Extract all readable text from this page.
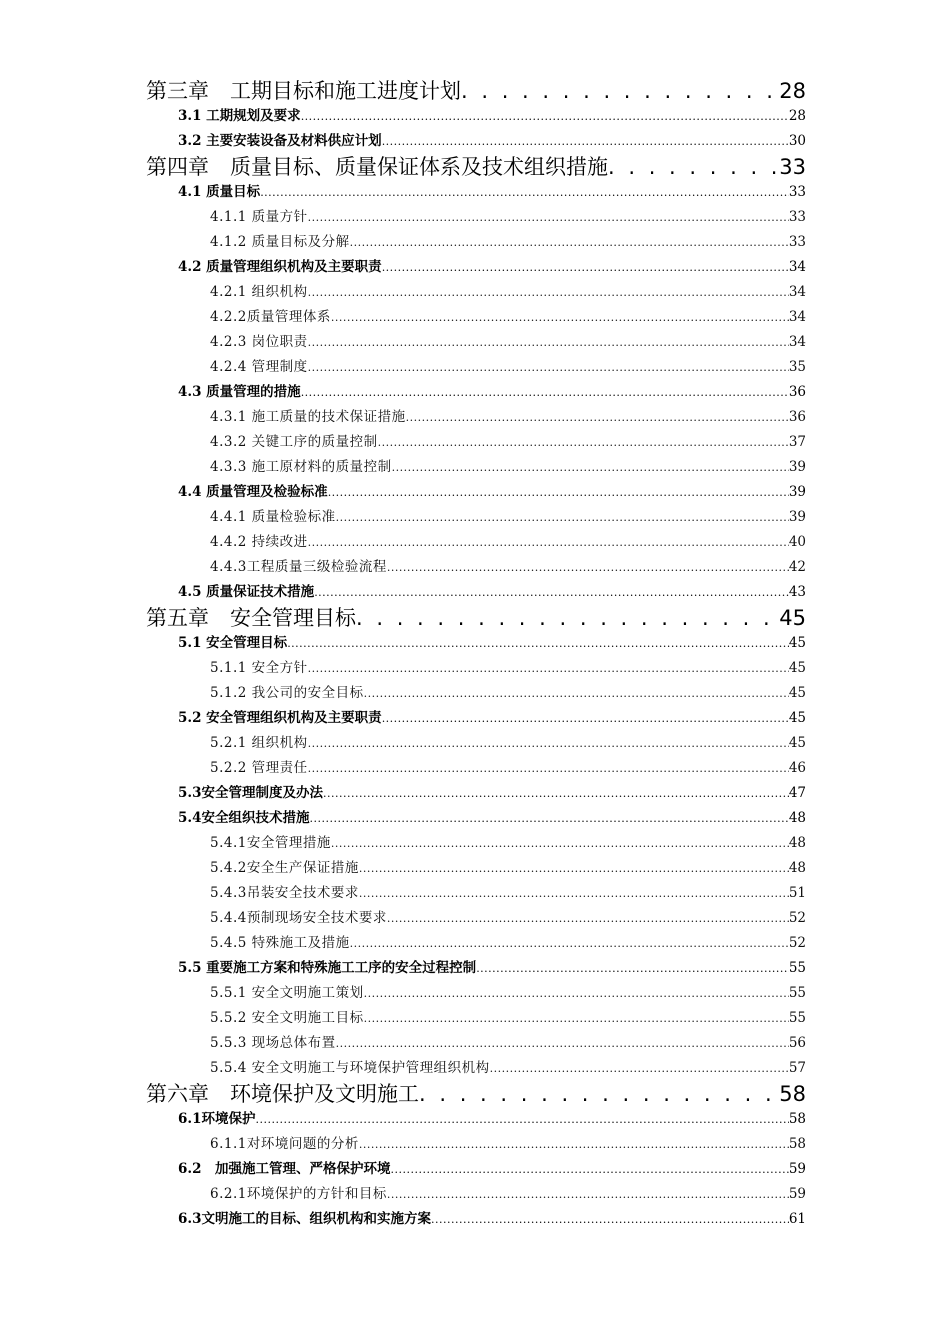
第三章　工期目标和施工进度计划 . . .	28
3.1 工期规划及要求 .....	28
3.2 主要安装设备及材料供应计划 .....	30
第四章　质量目标、质量保证体系及技术组织措施 . . .	33
4.1 质量目标 .....	33
4.1.1 质量方针 .....	33
4.1.2 质量目标及分解 .....	33
4.2 质量管理组织机构及主要职责 .....	34
4.2.1 组织机构 .....	34
4.2.2质量管理体系 .....	34
4.2.3 岗位职责 .....	34
4.2.4 管理制度 .....	35
4.3 质量管理的措施 .....	36
4.3.1 施工质量的技术保证措施 .....	36
4.3.2 关键工序的质量控制 .....	37
4.3.3 施工原材料的质量控制 .....	39
4.4 质量管理及检验标准 .....	39
4.4.1 质量检验标准 .....	39
4.4.2 持续改进 .....	40
4.4.3工程质量三级检验流程 .....	42
4.5 质量保证技术措施 .....	43
第五章　安全管理目标 . . .	45
5.1 安全管理目标 .....	45
5.1.1 安全方针 .....	45
5.1.2 我公司的安全目标 .....	45
5.2 安全管理组织机构及主要职责 .....	45
5.2.1 组织机构 .....	45
5.2.2 管理责任 .....	46
5.3安全管理制度及办法 .....	47
5.4安全组织技术措施 .....	48
5.4.1安全管理措施 .....	48
5.4.2安全生产保证措施 .....	48
5.4.3吊装安全技术要求 .....	51
5.4.4预制现场安全技术要求 .....	52
5.4.5 特殊施工及措施 .....	52
5.5 重要施工方案和特殊施工工序的安全过程控制 .....	55
5.5.1 安全文明施工策划 .....	55
5.5.2 安全文明施工目标 .....	55
5.5.3 现场总体布置 .....	56
5.5.4 安全文明施工与环境保护管理组织机构 .....	57
第六章　环境保护及文明施工 . . .	58
6.1环境保护 .....	58
6.1.1对环境问题的分析 .....	58
6.2　加强施工管理、严格保护环境 .....	59
6.2.1环境保护的方针和目标 .....	59
6.3文明施工的目标、组织机构和实施方案 .....	61
